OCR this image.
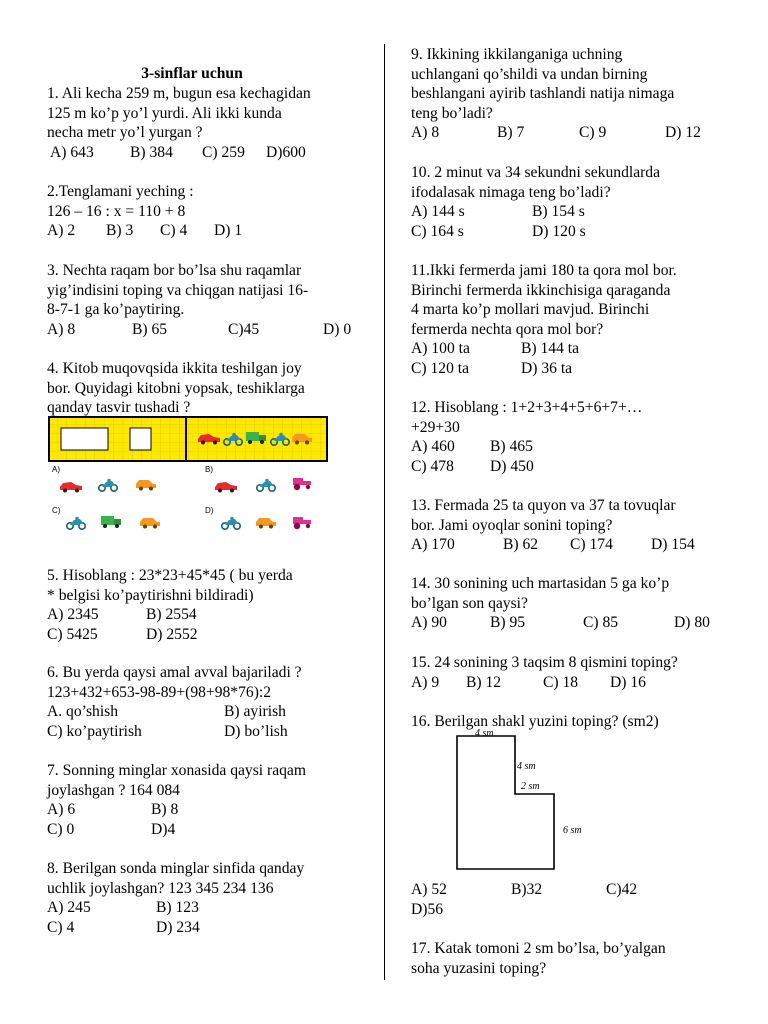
3-sinflar uchun

1. Ali kecha 259 m, bugun esa kechagidan

125 m ko’p yo’l yurdi. Ali ikki kunda

necha metr yo’l yurgan ?

A) 643	B) 384	C) 259	D)600

2.Tenglamani yeching :

126 – 16 : x = 110 + 8

A) 2	B) 3	C) 4	D) 1

3. Nechta raqam bor bo’lsa shu raqamlar

yig’indisini toping va chiqgan natijasi 16-

8-7-1 ga ko’paytiring.

A) 8	B) 65	C)45	D) 0

4. Kitob muqovqsida ikkita teshilgan joy

bor. Quyidagi kitobni yopsak, teshiklarga

qanday tasvir tushadi ?

A)	B)
C)	D)

5. Hisoblang : 23*23+45*45 ( bu yerda

* belgisi ko’paytirishni bildiradi)

A) 2345	B) 2554
C) 5425	D) 2552

6. Bu yerda qaysi amal avval bajariladi ?

123+432+653-98-89+(98+98*76):2

A. qo’shish	B) ayirish
C) ko’paytirish	D) bo’lish

7. Sonning minglar xonasida qaysi raqam

joylashgan ? 164 084

A) 6	B) 8
C) 0	D)4

8. Berilgan sonda minglar sinfida qanday

uchlik joylashgan? 123 345 234 136

A) 245	B) 123
C) 4	D) 234

9. Ikkining ikkilanganiga uchning

uchlangani qo’shildi va undan birning

beshlangani ayirib tashlandi natija nimaga

teng bo’ladi?

A) 8	B) 7	C) 9	D) 12

10. 2 minut va 34 sekundni sekundlarda

ifodalasak nimaga teng bo’ladi?

A) 144 s	B) 154 s
C) 164 s	D) 120 s

11.Ikki fermerda jami 180 ta qora mol bor.

Birinchi fermerda ikkinchisiga qaraganda

4 marta ko’p mollari mavjud. Birinchi

fermerda nechta qora mol bor?

A) 100 ta	B) 144 ta
C) 120 ta	D) 36 ta

12. Hisoblang : 1+2+3+4+5+6+7+…

+29+30

A) 460	B) 465
C) 478	D) 450

13. Fermada 25 ta quyon va 37 ta tovuqlar

bor. Jami oyoqlar sonini toping?

A) 170	B) 62	C) 174	D) 154

14. 30 sonining uch martasidan 5 ga ko’p

bo’lgan son qaysi?

A) 90	B) 95	C) 85	D) 80

15. 24 sonining 3 taqsim 8 qismini toping?

A) 9	B) 12	C) 18	D) 16

16. Berilgan shakl yuzini toping? (sm2)

4 sm
4 sm
2 sm
6 sm
A) 52	B)32	C)42
D)56

17. Katak tomoni 2 sm bo’lsa, bo’yalgan

soha yuzasini toping?
